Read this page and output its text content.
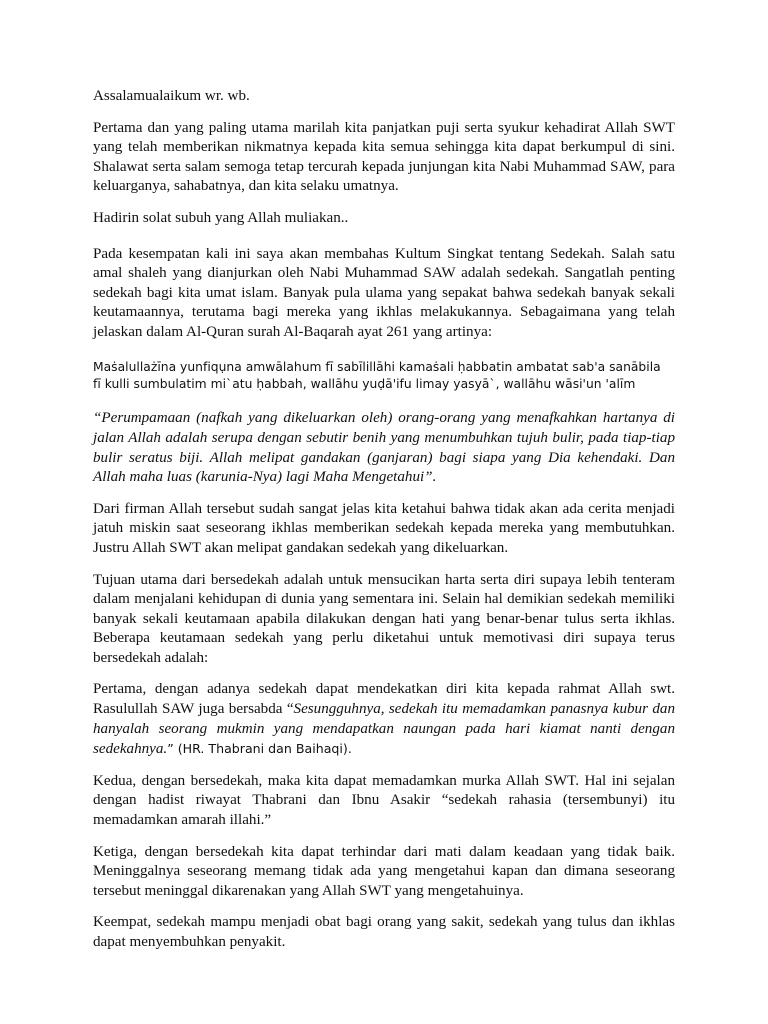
Assalamualaikum wr. wb.

Pertama dan yang paling utama marilah kita panjatkan puji serta syukur kehadirat Allah SWT yang telah memberikan nikmatnya kepada kita semua sehingga kita dapat berkumpul di sini. Shalawat serta salam semoga tetap tercurah kepada junjungan kita Nabi Muhammad SAW, para keluarganya, sahabatnya, dan kita selaku umatnya.

Hadirin solat subuh yang Allah muliakan..

Pada kesempatan kali ini saya akan membahas Kultum Singkat tentang Sedekah. Salah satu amal shaleh yang dianjurkan oleh Nabi Muhammad SAW adalah sedekah. Sangatlah penting sedekah bagi kita umat islam. Banyak pula ulama yang sepakat bahwa sedekah banyak sekali keutamaannya, terutama bagi mereka yang ikhlas melakukannya. Sebagaimana yang telah jelaskan dalam Al-Quran surah Al-Baqarah ayat 261 yang artinya:

Maṡalullażīna yunfiqụna amwālahum fī sabīlillāhi kamaṡali ḥabbatin ambatat sab'a sanābila

fī kulli sumbulatim mi`atu ḥabbah, wallāhu yuḍā'ifu limay yasyā`, wallāhu wāsi'un 'alīm

“Perumpamaan (nafkah yang dikeluarkan oleh) orang-orang yang menafkahkan hartanya di jalan Allah adalah serupa dengan sebutir benih yang menumbuhkan tujuh bulir, pada tiap-tiap bulir seratus biji. Allah melipat gandakan (ganjaran) bagi siapa yang Dia kehendaki. Dan Allah maha luas (karunia-Nya) lagi Maha Mengetahui”.

Dari firman Allah tersebut sudah sangat jelas kita ketahui bahwa tidak akan ada cerita menjadi jatuh miskin saat seseorang ikhlas memberikan sedekah kepada mereka yang membutuhkan. Justru Allah SWT akan melipat gandakan sedekah yang dikeluarkan.

Tujuan utama dari bersedekah adalah untuk mensucikan harta serta diri supaya lebih tenteram dalam menjalani kehidupan di dunia yang sementara ini. Selain hal demikian sedekah memiliki banyak sekali keutamaan apabila dilakukan dengan hati yang benar-benar tulus serta ikhlas. Beberapa keutamaan sedekah yang perlu diketahui untuk memotivasi diri supaya terus bersedekah adalah:

Pertama, dengan adanya sedekah dapat mendekatkan diri kita kepada rahmat Allah swt. Rasulullah SAW juga bersabda “Sesungguhnya, sedekah itu memadamkan panasnya kubur dan hanyalah seorang mukmin yang mendapatkan naungan pada hari kiamat nanti dengan sedekahnya.” (HR. Thabrani dan Baihaqi).

Kedua, dengan bersedekah, maka kita dapat memadamkan murka Allah SWT. Hal ini sejalan dengan hadist riwayat Thabrani dan Ibnu Asakir “sedekah rahasia (tersembunyi) itu memadamkan amarah illahi.”

Ketiga, dengan bersedekah kita dapat terhindar dari mati dalam keadaan yang tidak baik. Meninggalnya seseorang memang tidak ada yang mengetahui kapan dan dimana seseorang tersebut meninggal dikarenakan yang Allah SWT yang mengetahuinya.

Keempat, sedekah mampu menjadi obat bagi orang yang sakit, sedekah yang tulus dan ikhlas dapat menyembuhkan penyakit.
